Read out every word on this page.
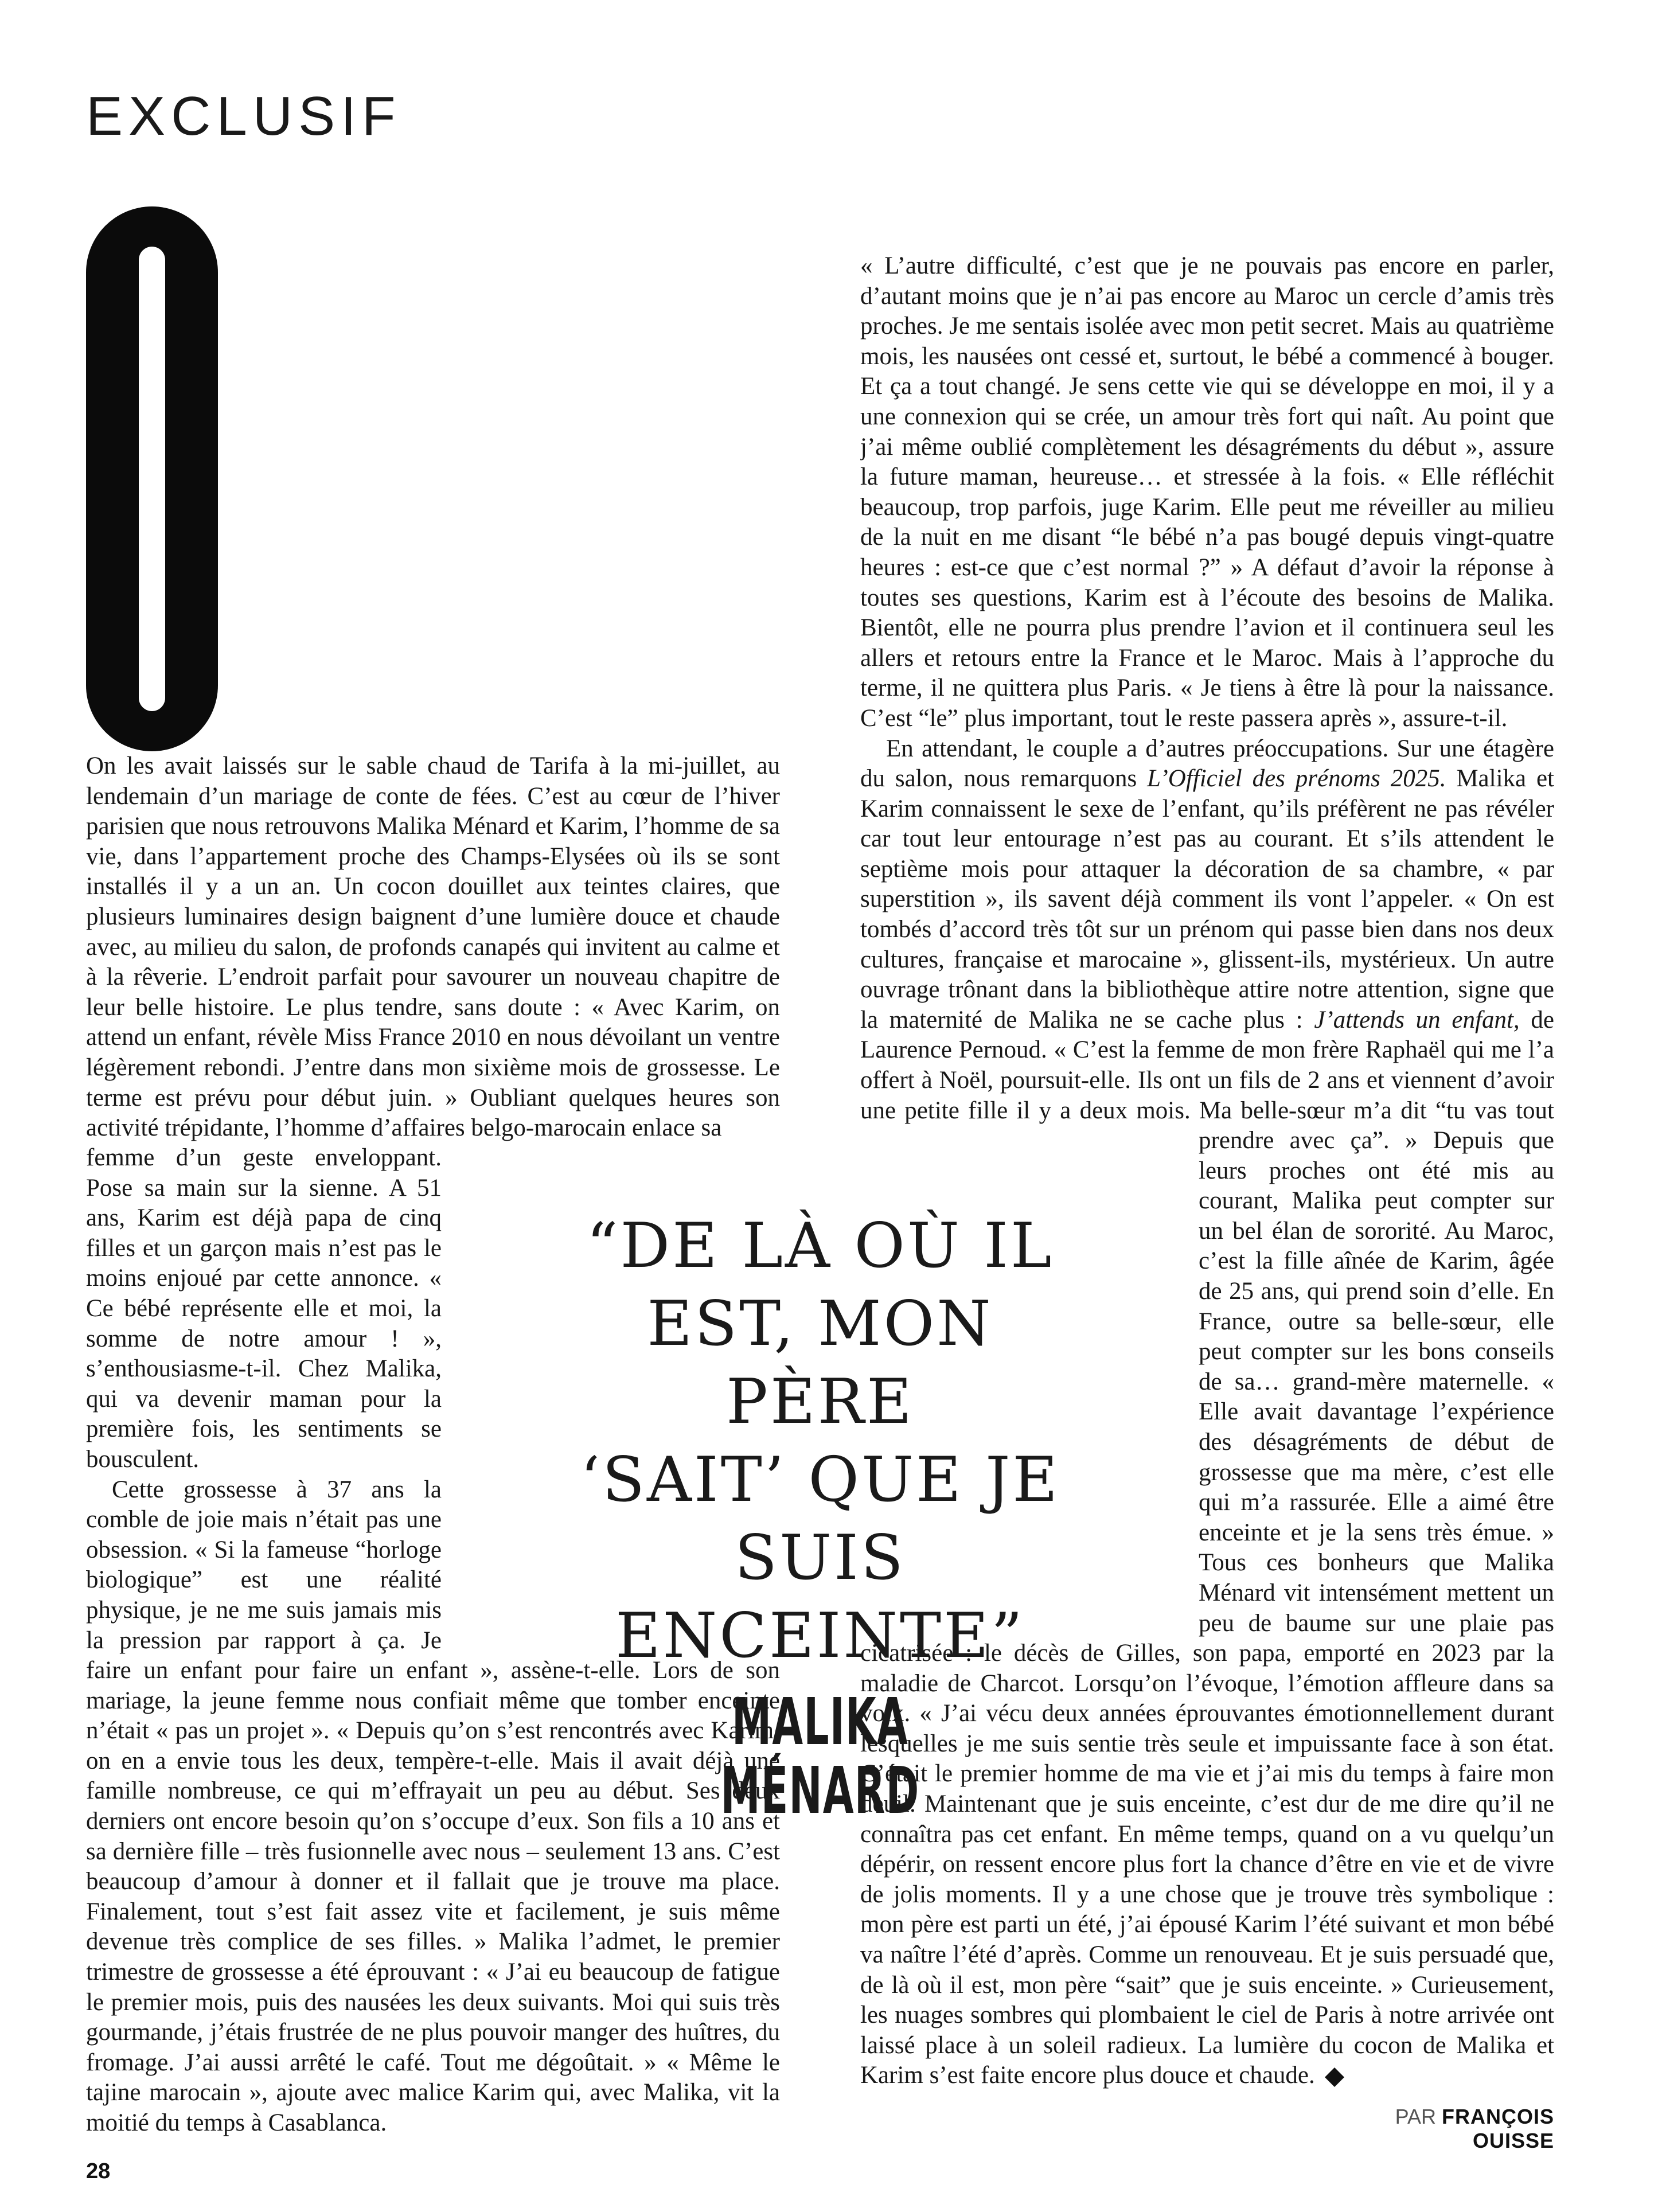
EXCLUSIF

On les avait laissés sur le sable chaud de Tarifa à la mi-juillet, au lendemain d’un mariage de conte de fées. C’est au cœur de l’hiver parisien que nous retrouvons Malika Ménard et Karim, l’homme de sa vie, dans l’appartement proche des Champs-Elysées où ils se sont installés il y a un an. Un cocon douillet aux teintes claires, que plusieurs luminaires design baignent d’une lumière douce et chaude avec, au milieu du salon, de profonds canapés qui invitent au calme et à la rêverie. L’endroit parfait pour savourer un nouveau chapitre de leur belle histoire. Le plus tendre, sans doute : « Avec Karim, on attend un enfant, révèle Miss France 2010 en nous dévoilant un ventre légèrement rebondi. J’entre dans mon sixième mois de grossesse. Le terme est prévu pour début juin. » Oubliant quelques heures son activité trépidante, l’homme d’affaires belgo-marocain enlace sa

femme d’un geste enveloppant. Pose sa main sur la sienne. A 51 ans, Karim est déjà papa de cinq filles et un garçon mais n’est pas le moins enjoué par cette annonce. « Ce bébé représente elle et moi, la somme de notre amour ! », s’enthousiasme-t-il. Chez Malika, qui va devenir maman pour la première fois, les sentiments se bousculent.

Cette grossesse à 37 ans la comble de joie mais n’était pas une obsession. « Si la fameuse “horloge biologique” est une réalité physique, je ne me suis jamais mis la pression par rapport à ça. Je

faire un enfant pour faire un enfant », assène-t-elle. Lors de son mariage, la jeune femme nous confiait même que tomber enceinte n’était « pas un projet ». « Depuis qu’on s’est rencontrés avec Karim, on en a envie tous les deux, tempère-t-elle. Mais il avait déjà une famille nombreuse, ce qui m’effrayait un peu au début. Ses deux derniers ont encore besoin qu’on s’occupe d’eux. Son fils a 10 ans et sa dernière fille – très fusionnelle avec nous – seulement 13 ans. C’est beaucoup d’amour à donner et il fallait que je trouve ma place. Finalement, tout s’est fait assez vite et facilement, je suis même devenue très complice de ses filles. » Malika l’admet, le premier trimestre de grossesse a été éprouvant : « J’ai eu beaucoup de fatigue le premier mois, puis des nausées les deux suivants. Moi qui suis très gourmande, j’étais frustrée de ne plus pouvoir manger des huîtres, du fromage. J’ai aussi arrêté le café. Tout me dégoûtait. » « Même le tajine marocain », ajoute avec malice Karim qui, avec Malika, vit la moitié du temps à Casablanca.

« L’autre difficulté, c’est que je ne pouvais pas encore en parler, d’autant moins que je n’ai pas encore au Maroc un cercle d’amis très proches. Je me sentais isolée avec mon petit secret. Mais au quatrième mois, les nausées ont cessé et, surtout, le bébé a commencé à bouger. Et ça a tout changé. Je sens cette vie qui se développe en moi, il y a une connexion qui se crée, un amour très fort qui naît. Au point que j’ai même oublié complètement les désagréments du début », assure la future maman, heureuse… et stressée à la fois. « Elle réfléchit beaucoup, trop parfois, juge Karim. Elle peut me réveiller au milieu de la nuit en me disant “le bébé n’a pas bougé depuis vingt-quatre heures : est-ce que c’est normal ?” » A défaut d’avoir la réponse à toutes ses questions, Karim est à l’écoute des besoins de Malika. Bientôt, elle ne pourra plus prendre l’avion et il continuera seul les allers et retours entre la France et le Maroc. Mais à l’approche du terme, il ne quittera plus Paris. « Je tiens à être là pour la naissance. C’est “le” plus important, tout le reste passera après », assure-t-il.

En attendant, le couple a d’autres préoccupations. Sur une étagère du salon, nous remarquons L’Officiel des prénoms 2025. Malika et Karim connaissent le sexe de l’enfant, qu’ils préfèrent ne pas révéler car tout leur entourage n’est pas au courant. Et s’ils attendent le septième mois pour attaquer la décoration de sa chambre, « par superstition », ils savent déjà comment ils vont l’appeler. « On est tombés d’accord très tôt sur un prénom qui passe bien dans nos deux cultures, française et marocaine », glissent-ils, mystérieux. Un autre ouvrage trônant dans la bibliothèque attire notre attention, signe que la maternité de Malika ne se cache plus : J’attends un enfant, de Laurence Pernoud. « C’est la femme de mon frère Raphaël qui me l’a offert à Noël, poursuit-elle. Ils ont un fils de 2 ans et viennent d’avoir une petite fille il y a deux mois. Ma belle-sœur m’a dit “tu vas tout

prendre avec ça”. » Depuis que leurs proches ont été mis au courant, Malika peut compter sur un bel élan de sororité. Au Maroc, c’est la fille aînée de Karim, âgée de 25 ans, qui prend soin d’elle. En France, outre sa belle-sœur, elle peut compter sur les bons conseils de sa… grand-mère maternelle. « Elle avait davantage l’expérience des désagréments de début de grossesse que ma mère, c’est elle qui m’a rassurée. Elle a aimé être enceinte et je la sens très émue. » Tous ces bonheurs que Malika Ménard vit intensément mettent un peu de baume sur une plaie pas

cicatrisée : le décès de Gilles, son papa, emporté en 2023 par la maladie de Charcot. Lorsqu’on l’évoque, l’émotion affleure dans sa voix. « J’ai vécu deux années éprouvantes émotionnellement durant lesquelles je me suis sentie très seule et impuissante face à son état. C’était le premier homme de ma vie et j’ai mis du temps à faire mon deuil. Maintenant que je suis enceinte, c’est dur de me dire qu’il ne connaîtra pas cet enfant. En même temps, quand on a vu quelqu’un dépérir, on ressent encore plus fort la chance d’être en vie et de vivre de jolis moments. Il y a une chose que je trouve très symbolique : mon père est parti un été, j’ai épousé Karim l’été suivant et mon bébé va naître l’été d’après. Comme un renouveau. Et je suis persuadé que, de là où il est, mon père “sait” que je suis enceinte. » Curieusement, les nuages sombres qui plombaient le ciel de Paris à notre arrivée ont laissé place à un soleil radieux. La lumière du cocon de Malika et Karim s’est faite encore plus douce et chaude.

“DE LÀ OÙ IL
EST, MON PÈRE
‘SAIT’ QUE JE
SUIS ENCEINTE”
MALIKA MÉNARD
PAR FRANÇOIS OUISSE
28
